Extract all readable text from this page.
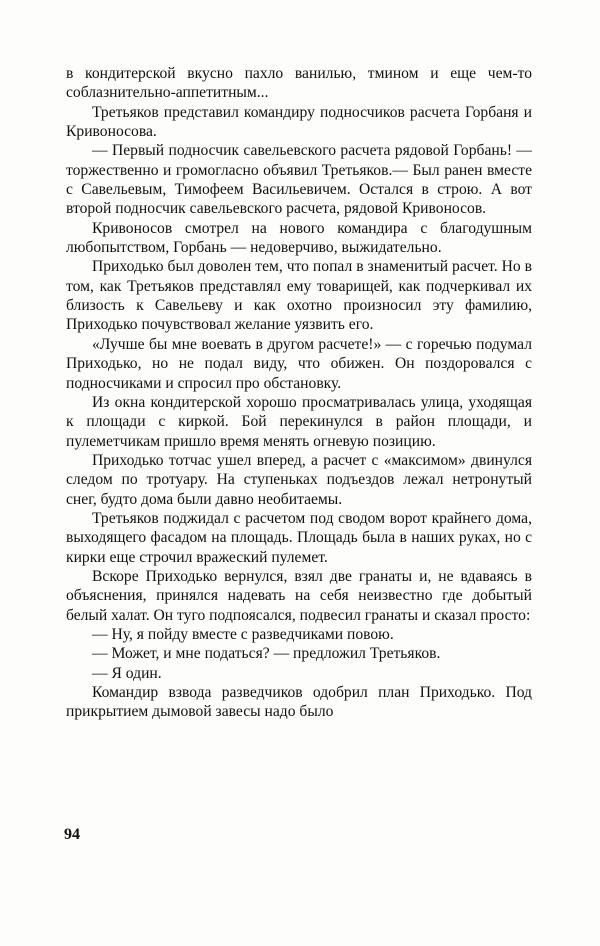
в кондитерской вкусно пахло ванилью, тмином и еще чем-то соблазнительно-аппетитным...

Третьяков представил командиру подносчиков расчета Горбаня и Кривоносова.

— Первый подносчик савельевского расчета рядовой Горбань! — торжественно и громогласно объявил Третьяков.— Был ранен вместе с Савельевым, Тимофеем Васильевичем. Остался в строю. А вот второй подносчик савельевского расчета, рядовой Кривоносов.

Кривоносов смотрел на нового командира с благодушным любопытством, Горбань — недоверчиво, выжидательно.

Приходько был доволен тем, что попал в знаменитый расчет. Но в том, как Третьяков представлял ему товарищей, как подчеркивал их близость к Савельеву и как охотно произносил эту фамилию, Приходько почувствовал желание уязвить его.

«Лучше бы мне воевать в другом расчете!» — с горечью подумал Приходько, но не подал виду, что обижен. Он поздоровался с подносчиками и спросил про обстановку.

Из окна кондитерской хорошо просматривалась улица, уходящая к площади с киркой. Бой перекинулся в район площади, и пулеметчикам пришло время менять огневую позицию.

Приходько тотчас ушел вперед, а расчет с «максимом» двинулся следом по тротуару. На ступеньках подъездов лежал нетронутый снег, будто дома были давно необитаемы.

Третьяков поджидал с расчетом под сводом ворот крайнего дома, выходящего фасадом на площадь. Площадь была в наших руках, но с кирки еще строчил вражеский пулемет.

Вскоре Приходько вернулся, взял две гранаты и, не вдаваясь в объяснения, принялся надевать на себя неизвестно где добытый белый халат. Он туго подпоясался, подвесил гранаты и сказал просто:

— Ну, я пойду вместе с разведчиками повою.

— Может, и мне податься? — предложил Третьяков.

— Я один.

Командир взвода разведчиков одобрил план Приходько. Под прикрытием дымовой завесы надо было

94
